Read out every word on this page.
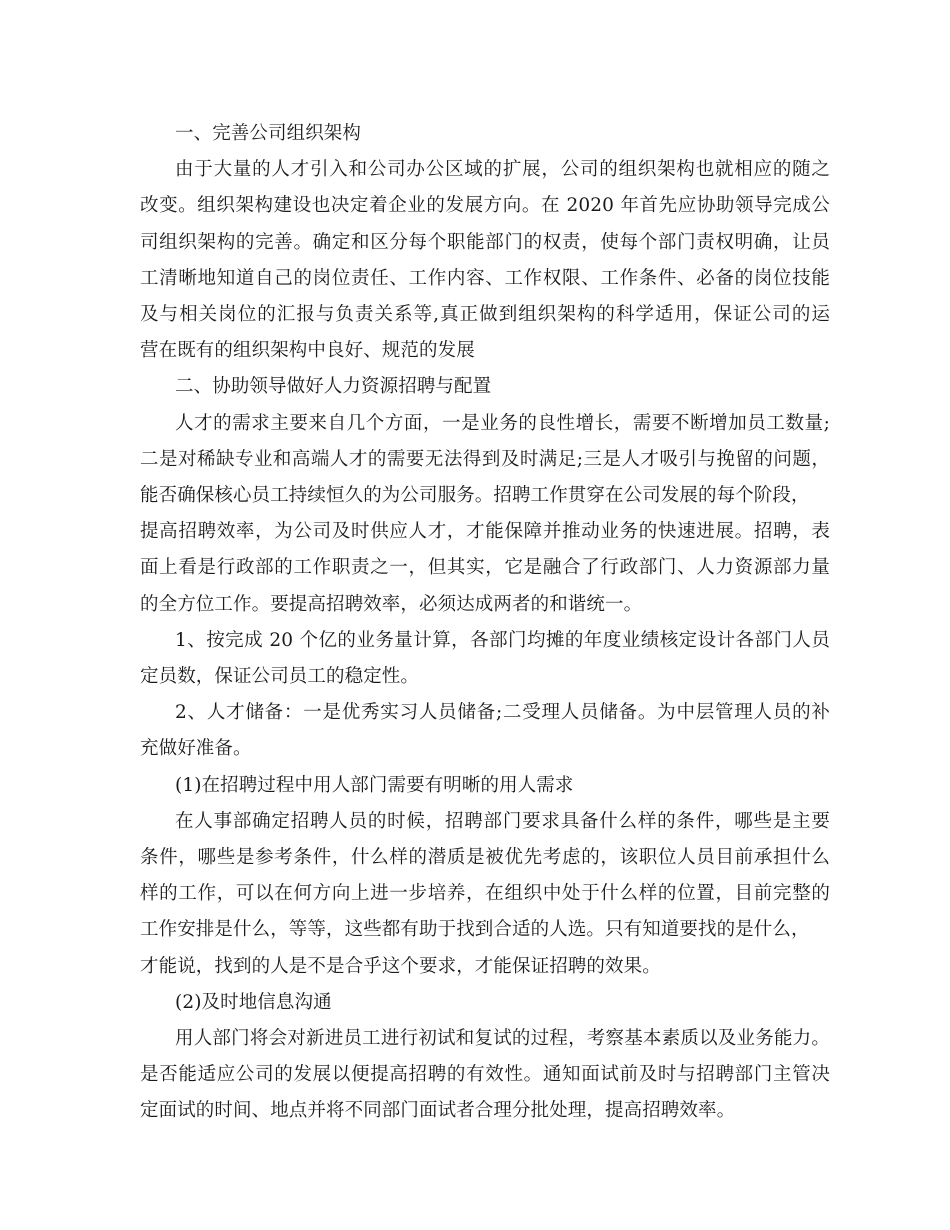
一、完善公司组织架构

由于大量的人才引入和公司办公区域的扩展，公司的组织架构也就相应的随之

改变。组织架构建设也决定着企业的发展方向。在 2020 年首先应协助领导完成公

司组织架构的完善。确定和区分每个职能部门的权责，使每个部门责权明确，让员

工清晰地知道自己的岗位责任、工作内容、工作权限、工作条件、必备的岗位技能

及与相关岗位的汇报与负责关系等,真正做到组织架构的科学适用，保证公司的运

营在既有的组织架构中良好、规范的发展

二、协助领导做好人力资源招聘与配置

人才的需求主要来自几个方面，一是业务的良性增长，需要不断增加员工数量;

二是对稀缺专业和高端人才的需要无法得到及时满足;三是人才吸引与挽留的问题，

能否确保核心员工持续恒久的为公司服务。招聘工作贯穿在公司发展的每个阶段，

提高招聘效率，为公司及时供应人才，才能保障并推动业务的快速进展。招聘，表

面上看是行政部的工作职责之一，但其实，它是融合了行政部门、人力资源部力量

的全方位工作。要提高招聘效率，必须达成两者的和谐统一。

1、按完成 20 个亿的业务量计算，各部门均摊的年度业绩核定设计各部门人员

定员数，保证公司员工的稳定性。

2、人才储备：一是优秀实习人员储备;二受理人员储备。为中层管理人员的补

充做好准备。

(1)在招聘过程中用人部门需要有明晰的用人需求

在人事部确定招聘人员的时候，招聘部门要求具备什么样的条件，哪些是主要

条件，哪些是参考条件，什么样的潜质是被优先考虑的，该职位人员目前承担什么

样的工作，可以在何方向上进一步培养，在组织中处于什么样的位置，目前完整的

工作安排是什么，等等，这些都有助于找到合适的人选。只有知道要找的是什么，

才能说，找到的人是不是合乎这个要求，才能保证招聘的效果。

(2)及时地信息沟通

用人部门将会对新进员工进行初试和复试的过程，考察基本素质以及业务能力。

是否能适应公司的发展以便提高招聘的有效性。通知面试前及时与招聘部门主管决

定面试的时间、地点并将不同部门面试者合理分批处理，提高招聘效率。
